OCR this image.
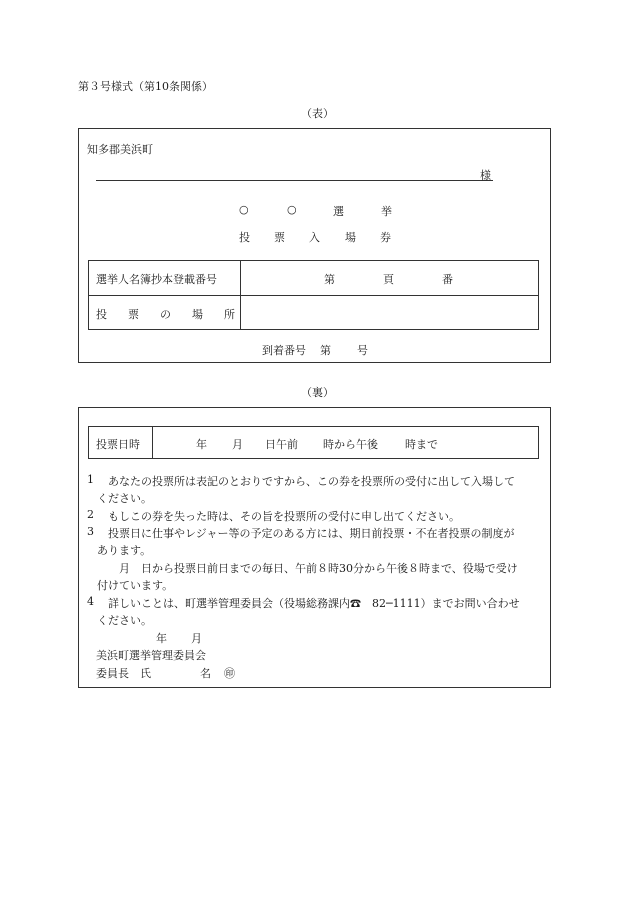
第３号様式（第10条関係）
（表）
知多郡美浜町
様
○	○	選	挙
投 票 入 場 券
選挙人名簿抄本登載番号	第	頁	番
投 票 の 場 所
到着番号 第 号
（裏）
投票日時	年 月 日午前 時から午後 時まで
1 あなたの投票所は表記のとおりですから、この券を投票所の受付に出して入場して
ください。
2 もしこの券を失った時は、その旨を投票所の受付に申し出てください。
3 投票日に仕事やレジャー等の予定のある方には、期日前投票・不在者投票の制度が
あります。
月　日から投票日前日までの毎日、午前８時30分から午後８時まで、役場で受け
付けています。
4 詳しいことは、町選挙管理委員会（役場総務課内☎　82─1111）までお問い合わせ
ください。
年 月
美浜町選挙管理委員会
委員長 氏	名 ㊞
